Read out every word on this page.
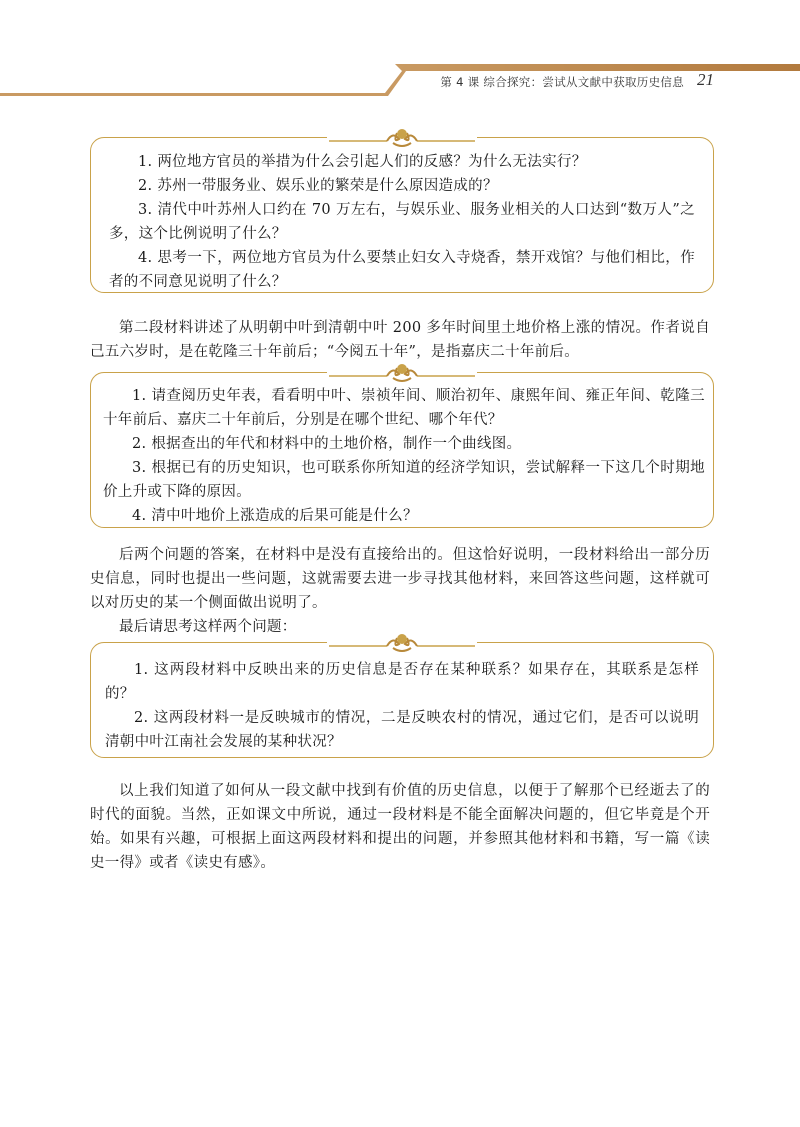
第 4 课 综合探究：尝试从文献中获取历史信息 21
1. 两位地方官员的举措为什么会引起人们的反感？为什么无法实行？
2. 苏州一带服务业、娱乐业的繁荣是什么原因造成的？
3. 清代中叶苏州人口约在 70 万左右，与娱乐业、服务业相关的人口达到“数万人”之多，这个比例说明了什么？
4. 思考一下，两位地方官员为什么要禁止妇女入寺烧香，禁开戏馆？与他们相比，作者的不同意见说明了什么？

第二段材料讲述了从明朝中叶到清朝中叶 200 多年时间里土地价格上涨的情况。作者说自己五六岁时，是在乾隆三十年前后；“今阅五十年”，是指嘉庆二十年前后。

1. 请查阅历史年表，看看明中叶、崇祯年间、顺治初年、康熙年间、雍正年间、乾隆三十年前后、嘉庆二十年前后，分别是在哪个世纪、哪个年代？
2. 根据查出的年代和材料中的土地价格，制作一个曲线图。
3. 根据已有的历史知识，也可联系你所知道的经济学知识，尝试解释一下这几个时期地价上升或下降的原因。
4. 清中叶地价上涨造成的后果可能是什么？

后两个问题的答案，在材料中是没有直接给出的。但这恰好说明，一段材料给出一部分历史信息，同时也提出一些问题，这就需要去进一步寻找其他材料，来回答这些问题，这样就可以对历史的某一个侧面做出说明了。

最后请思考这样两个问题：

1. 这两段材料中反映出来的历史信息是否存在某种联系？如果存在，其联系是怎样的？
2. 这两段材料一是反映城市的情况，二是反映农村的情况，通过它们，是否可以说明清朝中叶江南社会发展的某种状况？

以上我们知道了如何从一段文献中找到有价值的历史信息，以便于了解那个已经逝去了的时代的面貌。当然，正如课文中所说，通过一段材料是不能全面解决问题的，但它毕竟是个开始。如果有兴趣，可根据上面这两段材料和提出的问题，并参照其他材料和书籍，写一篇《读史一得》或者《读史有感》。
